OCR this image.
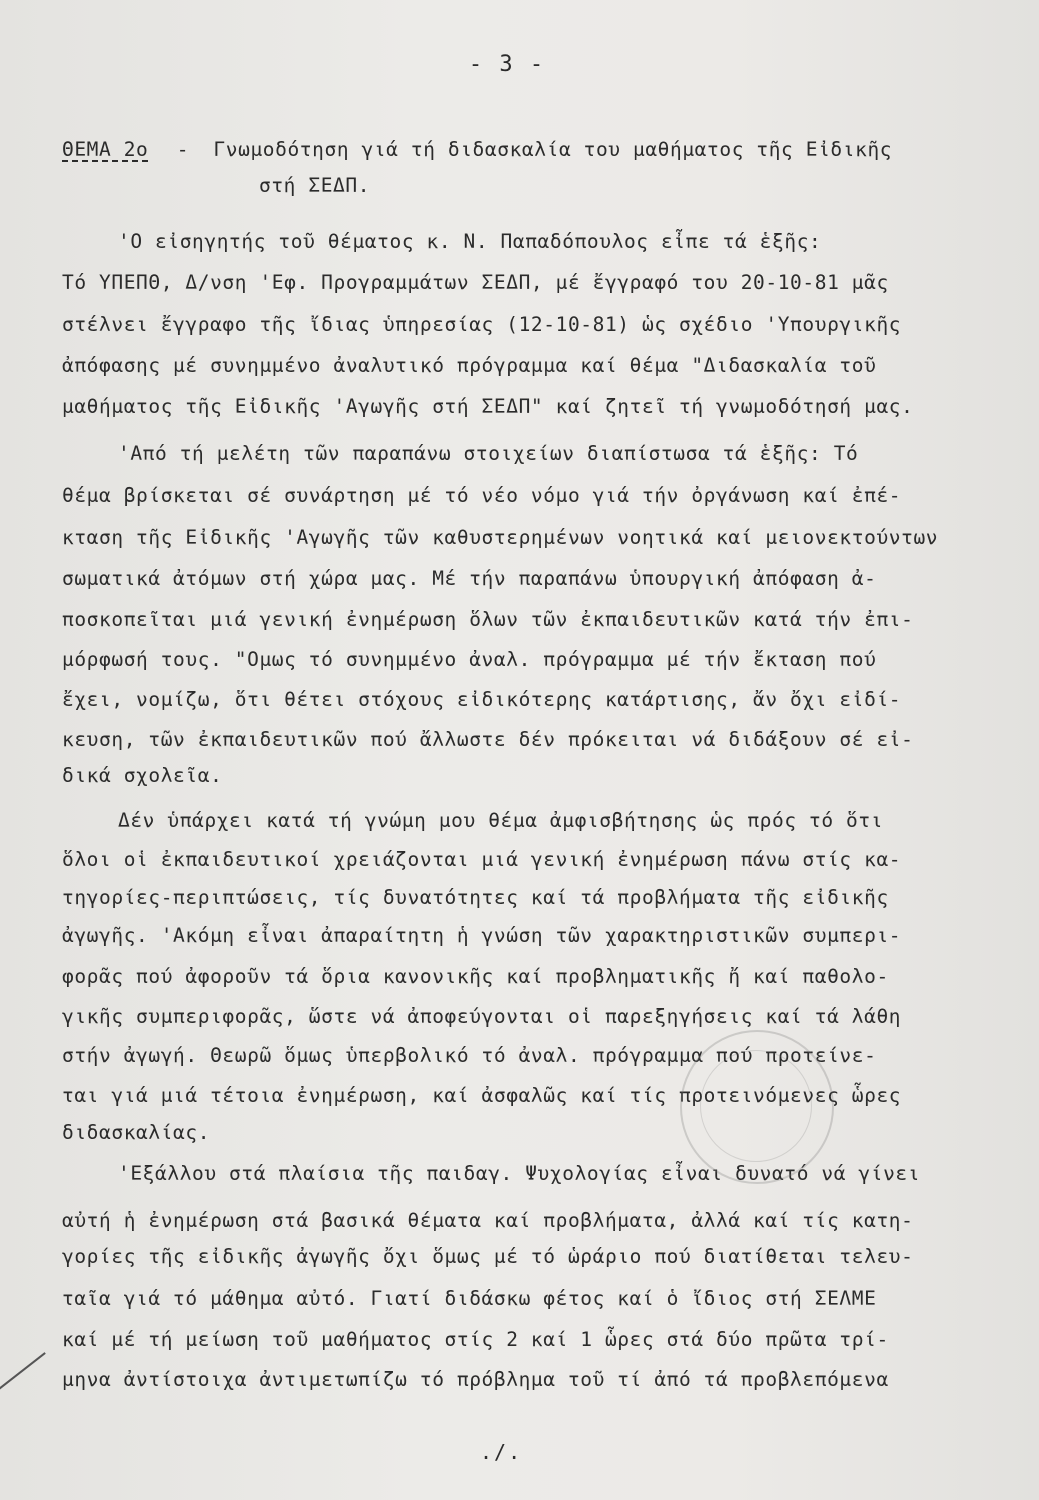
- 3 -
ΘΕΜΑ 2ο - Γνωμοδότηση γιά τή διδασκαλία του μαθήματος τῆς Εἰδικῆς
στή ΣΕΔΠ.
'Ο εἰσηγητής τοῦ θέματος κ. Ν. Παπαδόπουλος εἶπε τά ἑξῆς:
Τό ΥΠΕΠΘ, Δ/νση 'Εφ. Προγραμμάτων ΣΕΔΠ, μέ ἔγγραφό του 20-10-81 μᾶς
στέλνει ἔγγραφο τῆς ἴδιας ὑπηρεσίας (12-10-81) ὡς σχέδιο 'Υπουργικῆς
ἀπόφασης μέ συνημμένο ἀναλυτικό πρόγραμμα καί θέμα "Διδασκαλία τοῦ
μαθήματος τῆς Εἰδικῆς 'Αγωγῆς στή ΣΕΔΠ" καί ζητεῖ τή γνωμοδότησή μας.
'Από τή μελέτη τῶν παραπάνω στοιχείων διαπίστωσα τά ἑξῆς: Τό
θέμα βρίσκεται σέ συνάρτηση μέ τό νέο νόμο γιά τήν ὀργάνωση καί ἐπέ-
κταση τῆς Εἰδικῆς 'Αγωγῆς τῶν καθυστερημένων νοητικά καί μειονεκτούντων
σωματικά ἀτόμων στή χώρα μας. Μέ τήν παραπάνω ὑπουργική ἀπόφαση ἀ-
ποσκοπεῖται μιά γενική ἐνημέρωση ὅλων τῶν ἐκπαιδευτικῶν κατά τήν ἐπι-
μόρφωσή τους. "Ομως τό συνημμένο ἀναλ. πρόγραμμα μέ τήν ἔκταση πού
ἔχει, νομίζω, ὅτι θέτει στόχους εἰδικότερης κατάρτισης, ἄν ὄχι εἰδί-
κευση, τῶν ἐκπαιδευτικῶν πού ἄλλωστε δέν πρόκειται νά διδάξουν σέ εἰ-
δικά σχολεῖα.
Δέν ὑπάρχει κατά τή γνώμη μου θέμα ἀμφισβήτησης ὡς πρός τό ὅτι
ὅλοι οἱ ἐκπαιδευτικοί χρειάζονται μιά γενική ἐνημέρωση πάνω στίς κα-
τηγορίες-περιπτώσεις, τίς δυνατότητες καί τά προβλήματα τῆς εἰδικῆς
ἀγωγῆς. 'Ακόμη εἶναι ἀπαραίτητη ἡ γνώση τῶν χαρακτηριστικῶν συμπερι-
φορᾶς πού ἀφοροῦν τά ὅρια κανονικῆς καί προβληματικῆς ἤ καί παθολο-
γικῆς συμπεριφορᾶς, ὥστε νά ἀποφεύγονται οἱ παρεξηγήσεις καί τά λάθη
στήν ἀγωγή. Θεωρῶ ὅμως ὑπερβολικό τό ἀναλ. πρόγραμμα πού προτείνε-
ται γιά μιά τέτοια ἐνημέρωση, καί ἀσφαλῶς καί τίς προτεινόμενες ὧρες
διδασκαλίας.
'Εξάλλου στά πλαίσια τῆς παιδαγ. Ψυχολογίας εἶναι δυνατό νά γίνει
αὐτή ἡ ἐνημέρωση στά βασικά θέματα καί προβλήματα, ἀλλά καί τίς κατη-
γορίες τῆς εἰδικῆς ἀγωγῆς ὄχι ὅμως μέ τό ὡράριο πού διατίθεται τελευ-
ταῖα γιά τό μάθημα αὐτό. Γιατί διδάσκω φέτος καί ὁ ἴδιος στή ΣΕΛΜΕ
καί μέ τή μείωση τοῦ μαθήματος στίς 2 καί 1 ὧρες στά δύο πρῶτα τρί-
μηνα ἀντίστοιχα ἀντιμετωπίζω τό πρόβλημα τοῦ τί ἀπό τά προβλεπόμενα
./.
